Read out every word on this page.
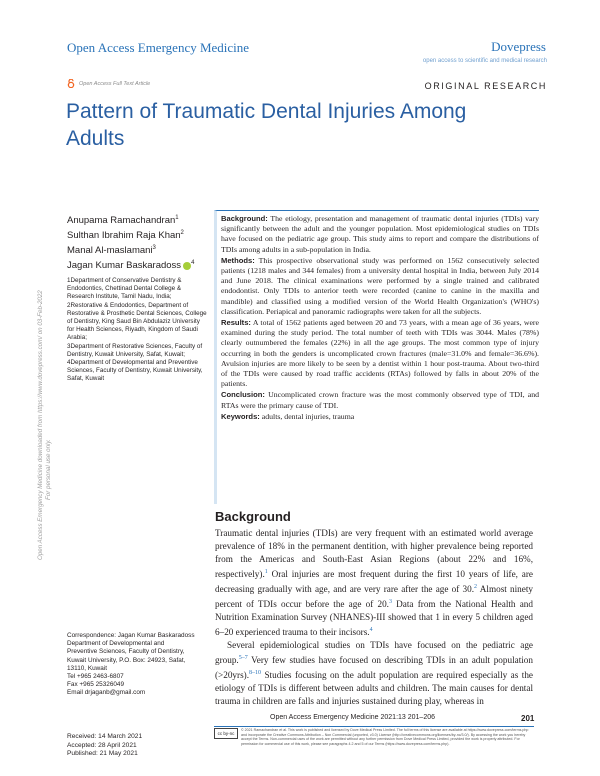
Open Access Emergency Medicine	Dovepress
open access to scientific and medical research
Open Access Full Text Article	ORIGINAL RESEARCH
Pattern of Traumatic Dental Injuries Among Adults
Open Access Emergency Medicine downloaded from https://www.dovepress.com/ on 03-Feb-2022 For personal use only.
Anupama Ramachandran$^1$
Sulthan Ibrahim Raja Khan$^2$
Manal Al-maslamani$^3$
Jagan Kumar Baskaradoss $^4$
1Department of Conservative Dentistry & Endodontics, Chettinad Dental College & Research Institute, Tamil Nadu, India;
2Restorative & Endodontics, Department of Restorative & Prosthetic Dental Sciences, College of Dentistry, King Saud Bin Abdulaziz University for Health Sciences, Riyadh, Kingdom of Saudi Arabia;
3Department of Restorative Sciences, Faculty of Dentistry, Kuwait University, Safat, Kuwait; 4Department of Developmental and Preventive Sciences, Faculty of Dentistry, Kuwait University, Safat, Kuwait
Correspondence: Jagan Kumar Baskaradoss
Department of Developmental and
Preventive Sciences, Faculty of Dentistry,
Kuwait University, P.O. Box: 24923, Safat,
13110, Kuwait
Tel +965 2463-6807
Fax +965 25326049
Email drjaganb@gmail.com
Received: 14 March 2021
Accepted: 28 April 2021
Published: 21 May 2021

Background: The etiology, presentation and management of traumatic dental injuries (TDIs) vary significantly between the adult and the younger population. Most epidemiological studies on TDIs have focused on the pediatric age group. This study aims to report and compare the distributions of TDIs among adults in a sub-population in India.

Methods: This prospective observational study was performed on 1562 consecutively selected patients (1218 males and 344 females) from a university dental hospital in India, between July 2014 and June 2018. The clinical examinations were performed by a single trained and calibrated endodontist. Only TDIs to anterior teeth were recorded (canine to canine in the maxilla and mandible) and classified using a modified version of the World Health Organization's (WHO's) classification. Periapical and panoramic radiographs were taken for all the subjects.

Results: A total of 1562 patients aged between 20 and 73 years, with a mean age of 36 years, were examined during the study period. The total number of teeth with TDIs was 3044. Males (78%) clearly outnumbered the females (22%) in all the age groups. The most common type of injury occurring in both the genders is uncomplicated crown fractures (male=31.0% and female=36.6%). Avulsion injuries are more likely to be seen by a dentist within 1 hour post-trauma. About two-third of the TDIs were caused by road traffic accidents (RTAs) followed by falls in about 20% of the patients.

Conclusion: Uncomplicated crown fracture was the most commonly observed type of TDI, and RTAs were the primary cause of TDI.

Keywords: adults, dental injuries, trauma

Background

Traumatic dental injuries (TDIs) are very frequent with an estimated world average prevalence of 18% in the permanent dentition, with higher prevalence being reported from the Americas and South-East Asian Regions (about 22% and 16%, respectively).$^1$ Oral injuries are most frequent during the first 10 years of life, are decreasing gradually with age, and are very rare after the age of 30.$^2$ Almost ninety percent of TDIs occur before the age of 20.$^3$ Data from the National Health and Nutrition Examination Survey (NHANES)-III showed that 1 in every 5 children aged 6–20 experienced trauma to their incisors.$^4$

Several epidemiological studies on TDIs have focused on the pediatric age group.$^{5-7}$ Very few studies have focused on describing TDIs in an adult population (>20yrs).$^{8-10}$ Studies focusing on the adult population are required especially as the etiology of TDIs is different between adults and children. The main causes for dental trauma in children are falls and injuries sustained during play, whereas in

Open Access Emergency Medicine 2021:13 201–206	201
cc by-nc
© 2021 Ramachandran et al. This work is published and licensed by Dove Medical Press Limited. The full terms of this license are available at https://www.dovepress.com/terms.php and incorporate the Creative Commons Attribution – Non Commercial (unported, v3.0) License (http://creativecommons.org/licenses/by-nc/3.0/). By accessing the work you hereby accept the Terms. Non-commercial uses of the work are permitted without any further permission from Dove Medical Press Limited, provided the work is properly attributed. For permission for commercial use of this work, please see paragraphs 4.2 and 5 of our Terms (https://www.dovepress.com/terms.php).
